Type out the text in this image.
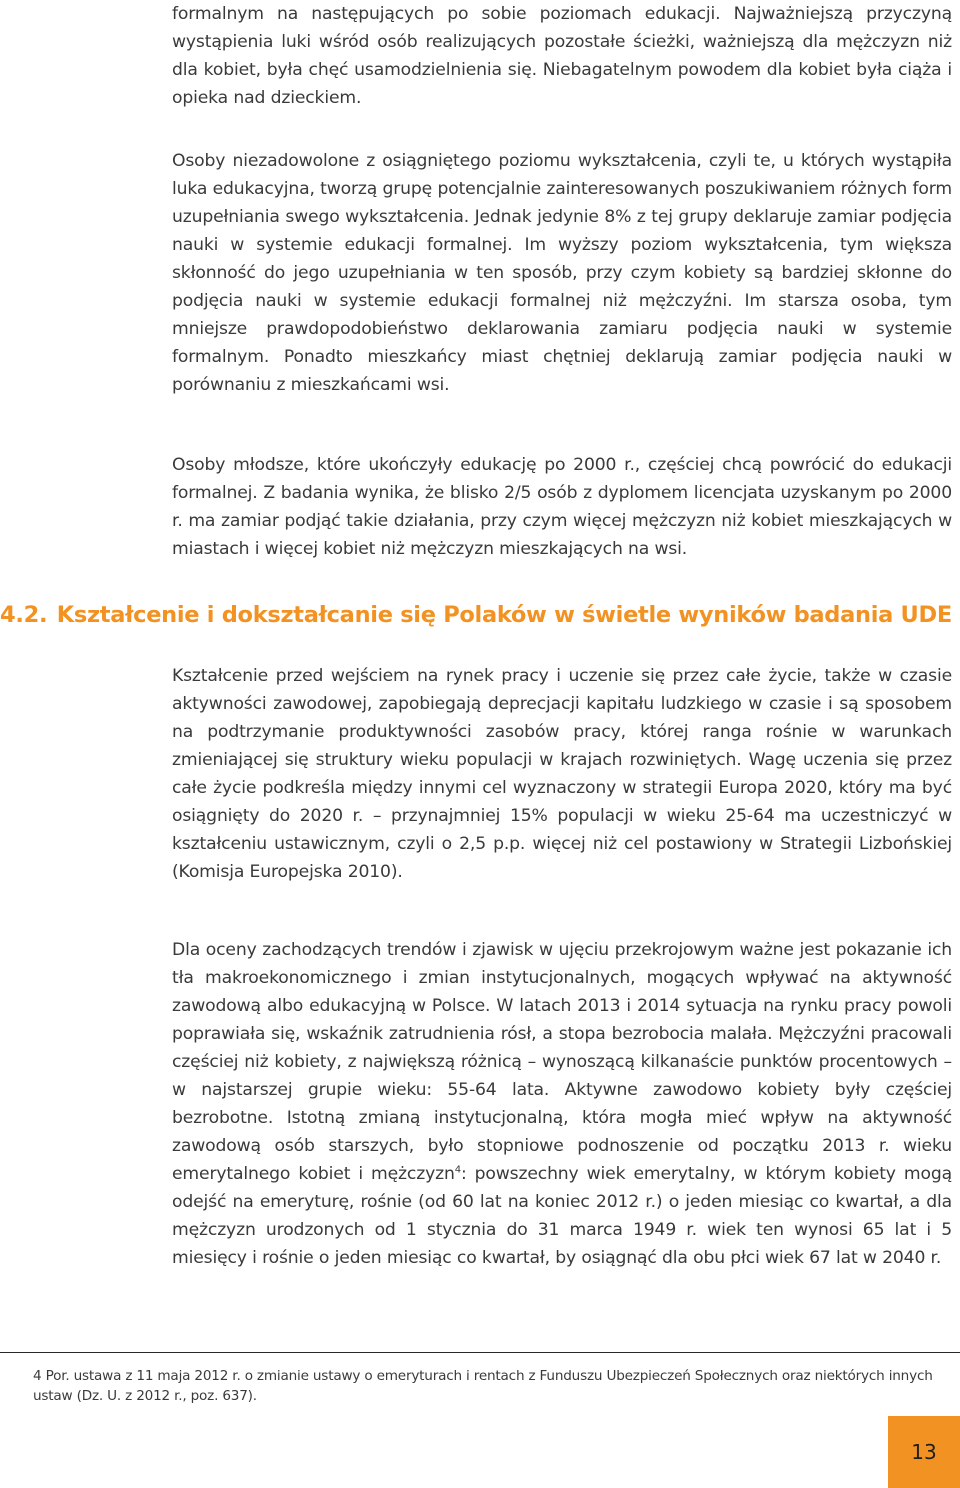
formalnym na następujących po sobie poziomach edukacji. Najważniejszą przyczyną wystąpienia luki wśród osób realizujących pozostałe ścieżki, ważniejszą dla mężczyzn niż dla kobiet, była chęć usamodzielnienia się. Niebagatelnym powodem dla kobiet była ciąża i opieka nad dzieckiem.

Osoby niezadowolone z osiągniętego poziomu wykształcenia, czyli te, u których wystąpiła luka edukacyjna, tworzą grupę potencjalnie zainteresowanych poszukiwaniem różnych form uzupełniania swego wykształcenia. Jednak jedynie 8% z tej grupy deklaruje zamiar podjęcia nauki w systemie edukacji formalnej. Im wyższy poziom wykształcenia, tym większa skłonność do jego uzupełniania w ten sposób, przy czym kobiety są bardziej skłonne do podjęcia nauki w systemie edukacji formalnej niż mężczyźni. Im starsza osoba, tym mniejsze prawdopodobieństwo deklarowania zamiaru podjęcia nauki w systemie formalnym. Ponadto mieszkańcy miast chętniej deklarują zamiar podjęcia nauki w porównaniu z mieszkańcami wsi.

Osoby młodsze, które ukończyły edukację po 2000 r., częściej chcą powrócić do edukacji formalnej. Z badania wynika, że blisko 2/5 osób z dyplomem licencjata uzyskanym po 2000 r. ma zamiar podjąć takie działania, przy czym więcej mężczyzn niż kobiet mieszkających w miastach i więcej kobiet niż mężczyzn mieszkających na wsi.

4.2. Kształcenie i dokształcanie się Polaków w świetle wyników badania UDE

Kształcenie przed wejściem na rynek pracy i uczenie się przez całe życie, także w czasie aktywności zawodowej, zapobiegają deprecjacji kapitału ludzkiego w czasie i są sposobem na podtrzymanie produktywności zasobów pracy, której ranga rośnie w warunkach zmieniającej się struktury wieku populacji w krajach rozwiniętych. Wagę uczenia się przez całe życie podkreśla między innymi cel wyznaczony w strategii Europa 2020, który ma być osiągnięty do 2020 r. – przynajmniej 15% populacji w wieku 25-64 ma uczestniczyć w kształceniu ustawicznym, czyli o 2,5 p.p. więcej niż cel postawiony w Strategii Lizbońskiej (Komisja Europejska 2010).

Dla oceny zachodzących trendów i zjawisk w ujęciu przekrojowym ważne jest pokazanie ich tła makroekonomicznego i zmian instytucjonalnych, mogących wpływać na aktywność zawodową albo edukacyjną w Polsce. W latach 2013 i 2014 sytuacja na rynku pracy powoli poprawiała się, wskaźnik zatrudnienia rósł, a stopa bezrobocia malała. Mężczyźni pracowali częściej niż kobiety, z największą różnicą – wynoszącą kilkanaście punktów procentowych – w najstarszej grupie wieku: 55-64 lata. Aktywne zawodowo kobiety były częściej bezrobotne. Istotną zmianą instytucjonalną, która mogła mieć wpływ na aktywność zawodową osób starszych, było stopniowe podnoszenie od początku 2013 r. wieku emerytalnego kobiet i mężczyzn$^4$: powszechny wiek emerytalny, w którym kobiety mogą odejść na emeryturę, rośnie (od 60 lat na koniec 2012 r.) o jeden miesiąc co kwartał, a dla mężczyzn urodzonych od 1 stycznia do 31 marca 1949 r. wiek ten wynosi 65 lat i 5 miesięcy i rośnie o jeden miesiąc co kwartał, by osiągnąć dla obu płci wiek 67 lat w 2040 r.

4 Por. ustawa z 11 maja 2012 r. o zmianie ustawy o emeryturach i rentach z Funduszu Ubezpieczeń Społecznych oraz niektórych innych ustaw (Dz. U. z 2012 r., poz. 637).

13
